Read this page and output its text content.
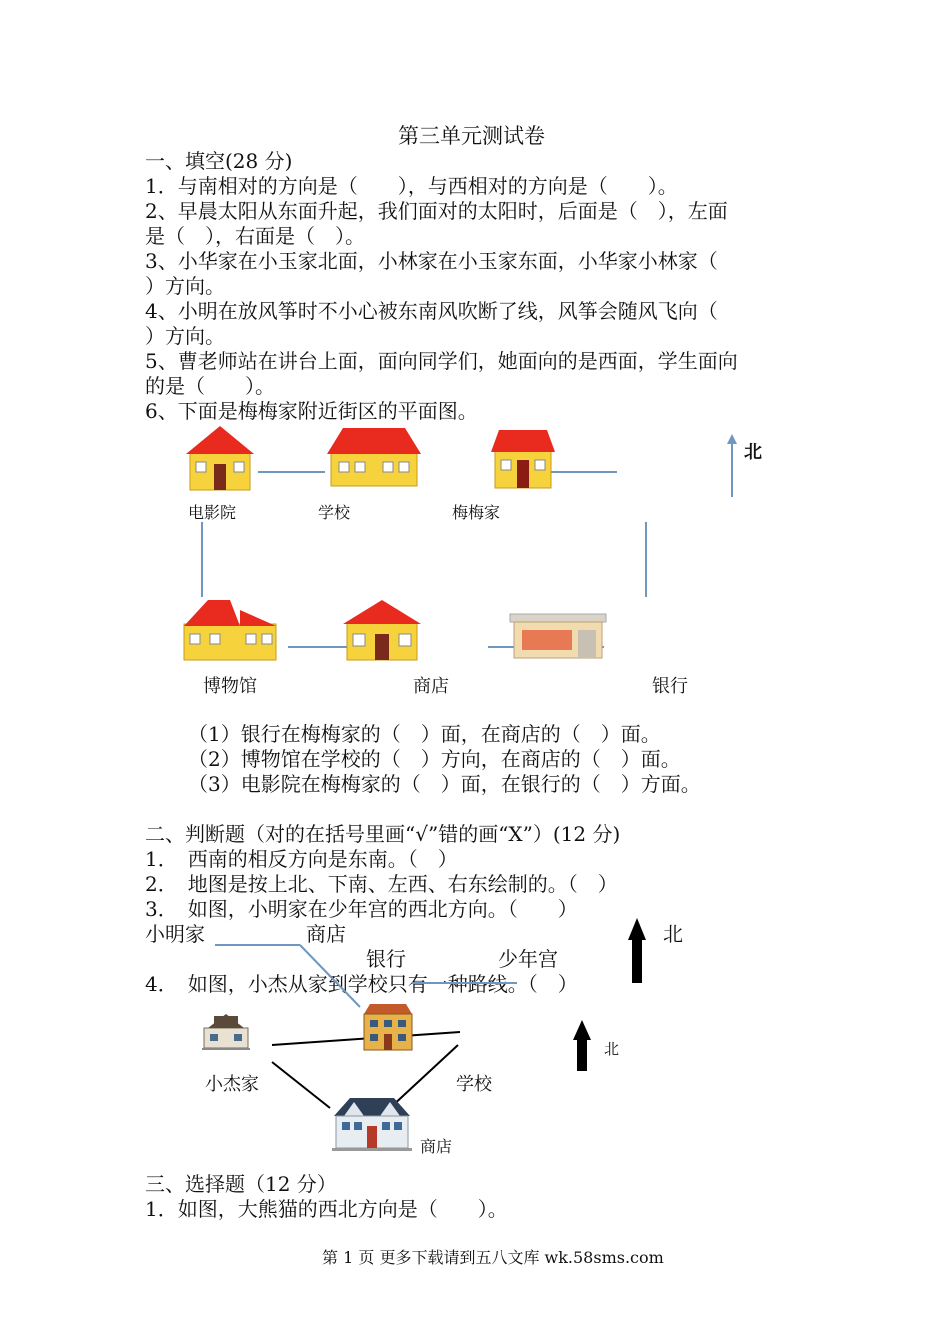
第三单元测试卷
一、填空(28 分)
1．与南相对的方向是（　　），与西相对的方向是（　　）。
2、早晨太阳从东面升起，我们面对的太阳时，后面是（　），左面
是（　），右面是（　）。
3、小华家在小玉家北面，小林家在小玉家东面，小华家小林家（
）方向。
4、小明在放风筝时不小心被东南风吹断了线，风筝会随风飞向（
）方向。
5、曹老师站在讲台上面，面向同学们，她面向的是西面，学生面向
的是（　　）。
6、下面是梅梅家附近街区的平面图。
电影院	学校	梅梅家
博物馆	商店	银行
北
（1）银行在梅梅家的（　）面，在商店的（　）面。
（2）博物馆在学校的（　）方向，在商店的（　）面。
（3）电影院在梅梅家的（　）面，在银行的（　）方面。
二、判断题（对的在括号里画“√”错的画“X”）(12 分)
1．　西南的相反方向是东南。（　）
2．　地图是按上北、下南、左西、右东绘制的。（　）
3．　如图，小明家在少年宫的西北方向。（　　）
小明家	商店
银行	少年宫
北
4．　如图，小杰从家到学校只有一种路线。（　）
小杰家	学校
商店
北
三、选择题（12 分）
1．如图，大熊猫的西北方向是（　　）。
第 1 页 更多下载请到五八文库 wk.58sms.com
